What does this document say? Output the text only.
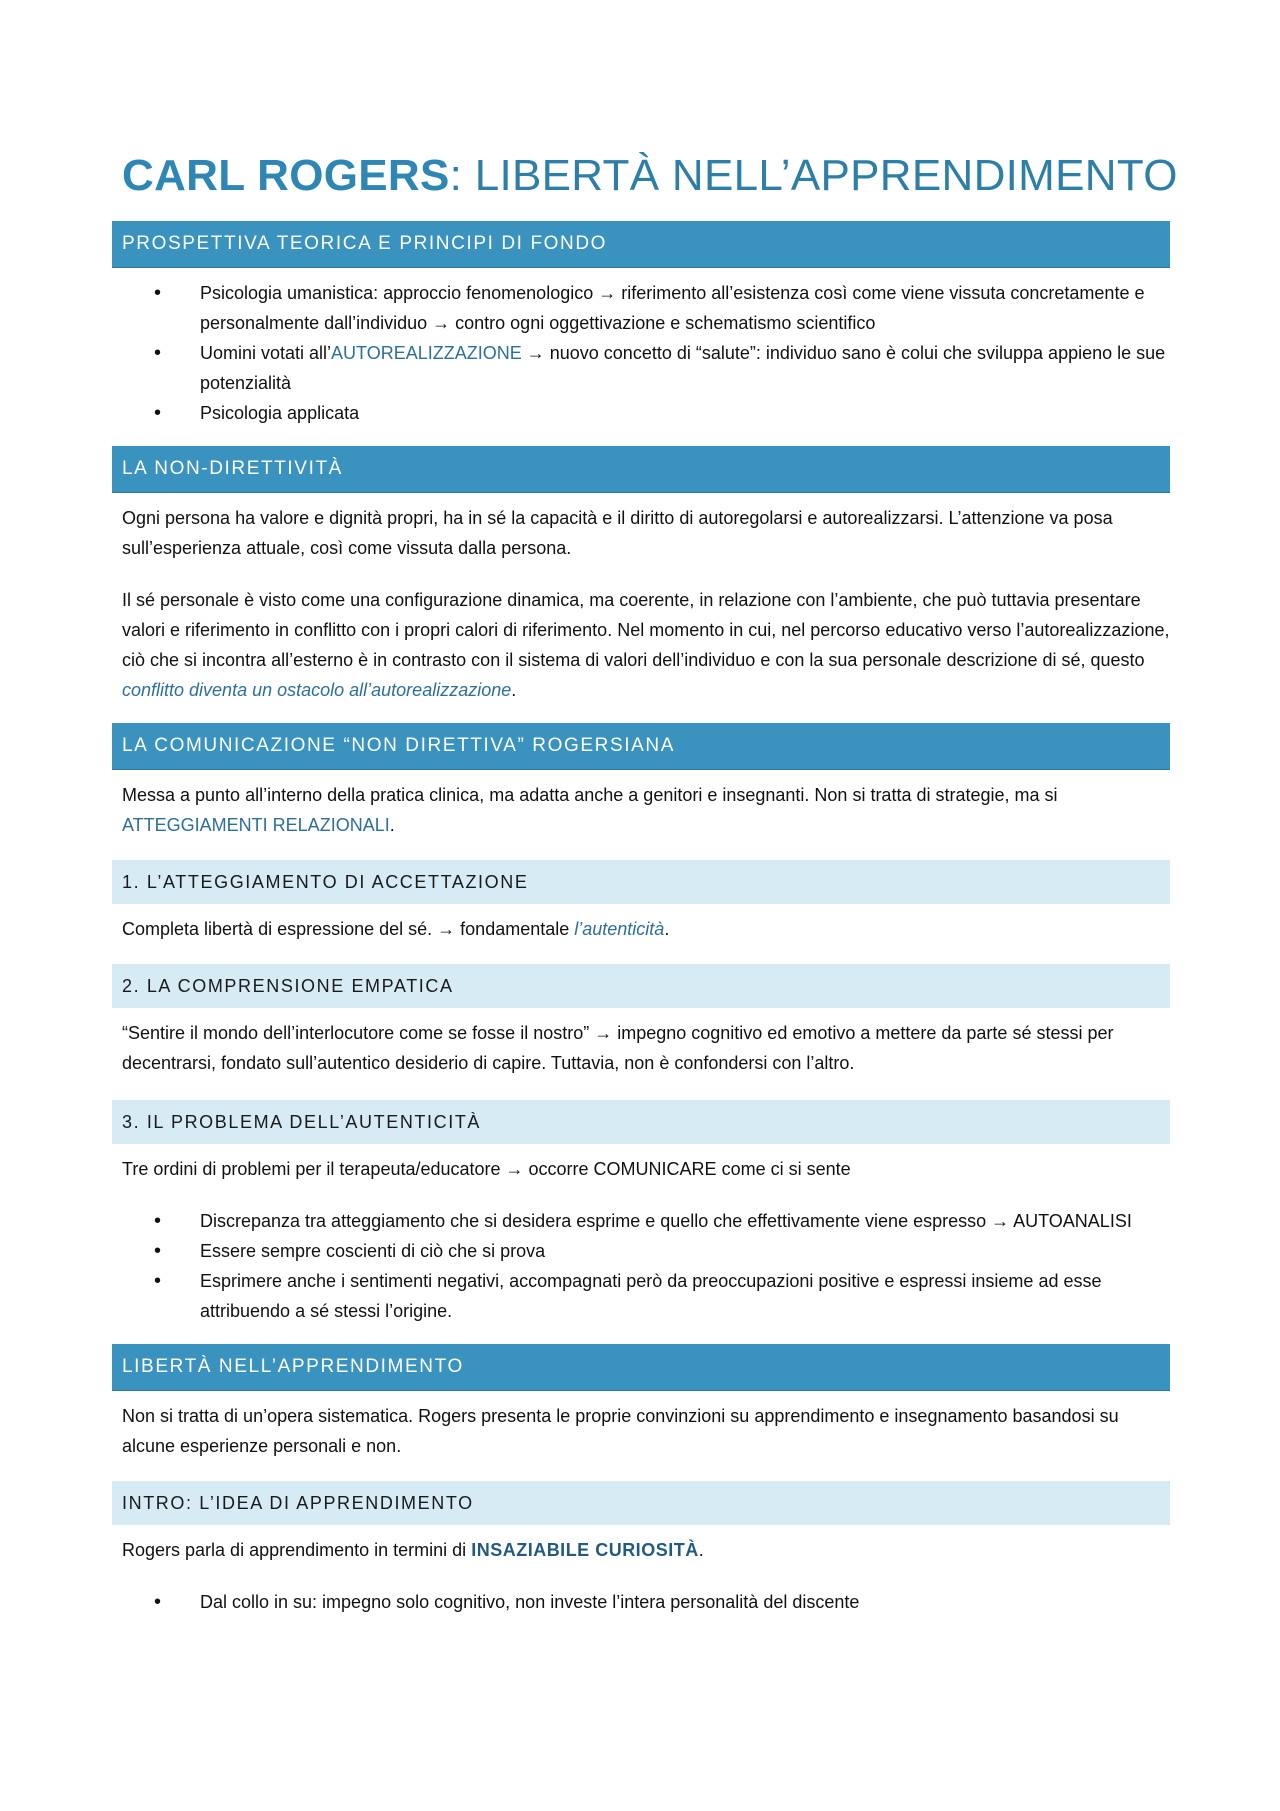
CARL ROGERS: LIBERTÀ NELL’APPRENDIMENTO
PROSPETTIVA TEORICA E PRINCIPI DI FONDO
• Psicologia umanistica: approccio fenomenologico → riferimento all’esistenza così come viene vissuta concretamente e personalmente dall’individuo → contro ogni oggettivazione e schematismo scientifico
• Uomini votati all’AUTOREALIZZAZIONE → nuovo concetto di “salute”: individuo sano è colui che sviluppa appieno le sue potenzialità
• Psicologia applicata
LA NON-DIRETTIVITÀ

Ogni persona ha valore e dignità propri, ha in sé la capacità e il diritto di autoregolarsi e autorealizzarsi. L’attenzione va posa sull’esperienza attuale, così come vissuta dalla persona.

Il sé personale è visto come una configurazione dinamica, ma coerente, in relazione con l’ambiente, che può tuttavia presentare valori e riferimento in conflitto con i propri calori di riferimento. Nel momento in cui, nel percorso educativo verso l’autorealizzazione, ciò che si incontra all’esterno è in contrasto con il sistema di valori dell’individuo e con la sua personale descrizione di sé, questo conflitto diventa un ostacolo all’autorealizzazione.

LA COMUNICAZIONE “NON DIRETTIVA” ROGERSIANA

Messa a punto all’interno della pratica clinica, ma adatta anche a genitori e insegnanti. Non si tratta di strategie, ma si ATTEGGIAMENTI RELAZIONALI.

1. L’ATTEGGIAMENTO DI ACCETTAZIONE

Completa libertà di espressione del sé. → fondamentale l’autenticità.

2. LA COMPRENSIONE EMPATICA

“Sentire il mondo dell’interlocutore come se fosse il nostro” → impegno cognitivo ed emotivo a mettere da parte sé stessi per decentrarsi, fondato sull’autentico desiderio di capire. Tuttavia, non è confondersi con l’altro.

3. IL PROBLEMA DELL’AUTENTICITÀ

Tre ordini di problemi per il terapeuta/educatore → occorre COMUNICARE come ci si sente

• Discrepanza tra atteggiamento che si desidera esprime e quello che effettivamente viene espresso → AUTOANALISI
• Essere sempre coscienti di ciò che si prova
• Esprimere anche i sentimenti negativi, accompagnati però da preoccupazioni positive e espressi insieme ad esse attribuendo a sé stessi l’origine.
LIBERTÀ NELL’APPRENDIMENTO

Non si tratta di un’opera sistematica. Rogers presenta le proprie convinzioni su apprendimento e insegnamento basandosi su alcune esperienze personali e non.

INTRO: L’IDEA DI APPRENDIMENTO

Rogers parla di apprendimento in termini di INSAZIABILE CURIOSITÀ.

• Dal collo in su: impegno solo cognitivo, non investe l’intera personalità del discente
